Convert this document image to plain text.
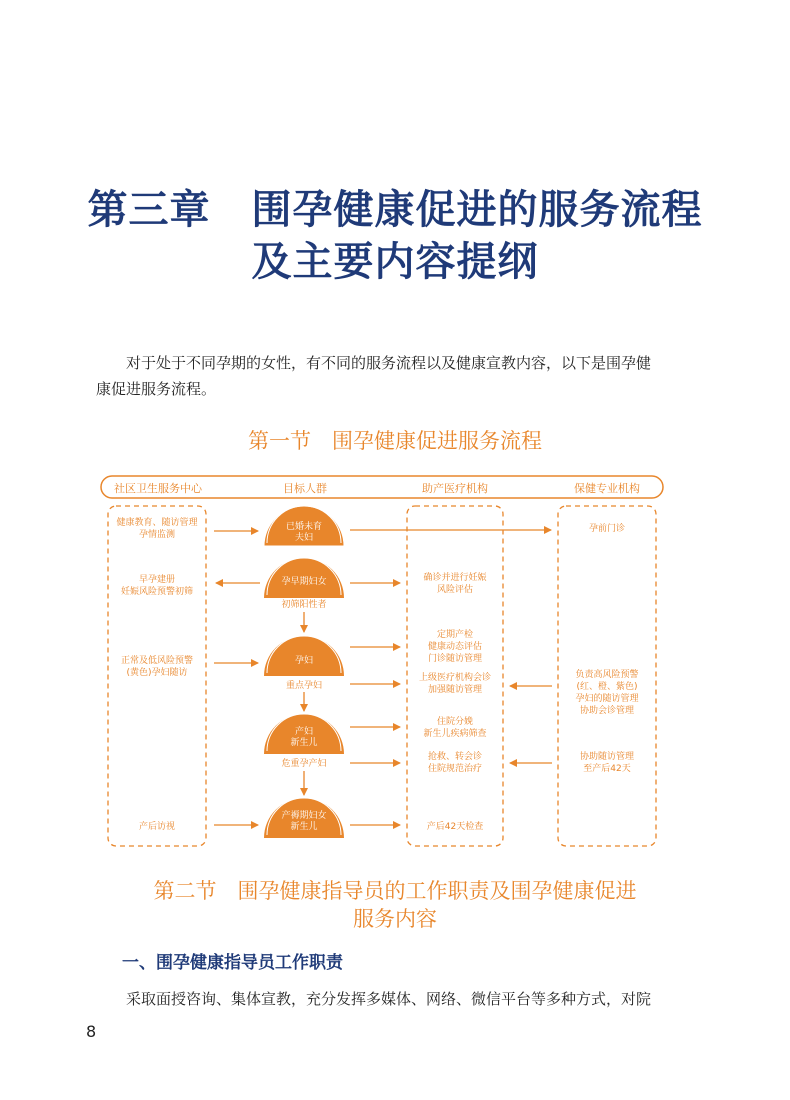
第三章　围孕健康促进的服务流程
及主要内容提纲
对于处于不同孕期的女性，有不同的服务流程以及健康宣教内容，以下是围孕健
康促进服务流程。
第一节　围孕健康促进服务流程
社区卫生服务中心	目标人群	助产医疗机构	保健专业机构
健康教育、随访管理
孕情监测
早孕建册
妊娠风险预警初筛
正常及低风险预警
(黄色)孕妇随访
产后访视
已婚未育
夫妇
孕早期妇女
初筛阳性者
孕妇
重点孕妇
产妇
新生儿
危重孕产妇
产褥期妇女
新生儿
确诊并进行妊娠
风险评估
定期产检
健康动态评估
门诊随访管理
上级医疗机构会诊
加强随访管理
住院分娩
新生儿疾病筛查
抢救、转会诊
住院规范治疗
产后42天检查
孕前门诊
负责高风险预警
(红、橙、紫色)
孕妇的随访管理
协助会诊管理
协助随访管理
至产后42天
第二节　围孕健康指导员的工作职责及围孕健康促进
服务内容
一、围孕健康指导员工作职责
采取面授咨询、集体宣教，充分发挥多媒体、网络、微信平台等多种方式，对院
8
